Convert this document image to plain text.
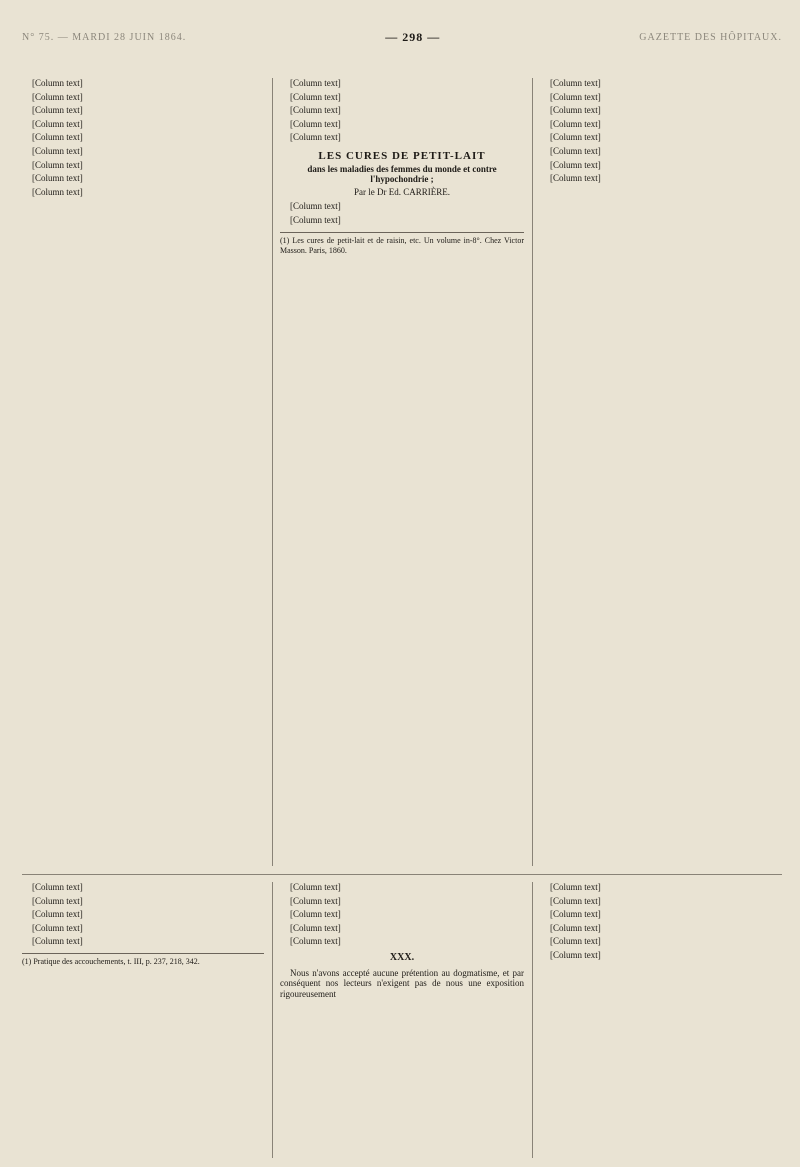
N° 75. — MARDI 28 JUIN 1864.	— 298 —	GAZETTE DES HÔPITAUX.

[Column text]

[Column text]

[Column text]

[Column text]

[Column text]

[Column text]

[Column text]

[Column text]

[Column text]

[Column text]

[Column text]

[Column text]

[Column text]

[Column text]

LES CURES DE PETIT-LAIT
dans les maladies des femmes du monde et contre l'hypochondrie ;
Par le Dr Ed. CARRIÈRE.

[Column text]

[Column text]

(1) Les cures de petit-lait et de raisin, etc. Un volume in-8°. Chez Victor Masson. Paris, 1860.

[Column text]

[Column text]

[Column text]

[Column text]

[Column text]

[Column text]

[Column text]

[Column text]

[Column text]

[Column text]

[Column text]

[Column text]

[Column text]

(1) Pratique des accouchements, t. III, p. 237, 218, 342.

[Column text]

[Column text]

[Column text]

[Column text]

[Column text]

XXX.

Nous n'avons accepté aucune prétention au dogmatisme, et par conséquent nos lecteurs n'exigent pas de nous une exposition rigoureusement

[Column text]

[Column text]

[Column text]

[Column text]

[Column text]

[Column text]
